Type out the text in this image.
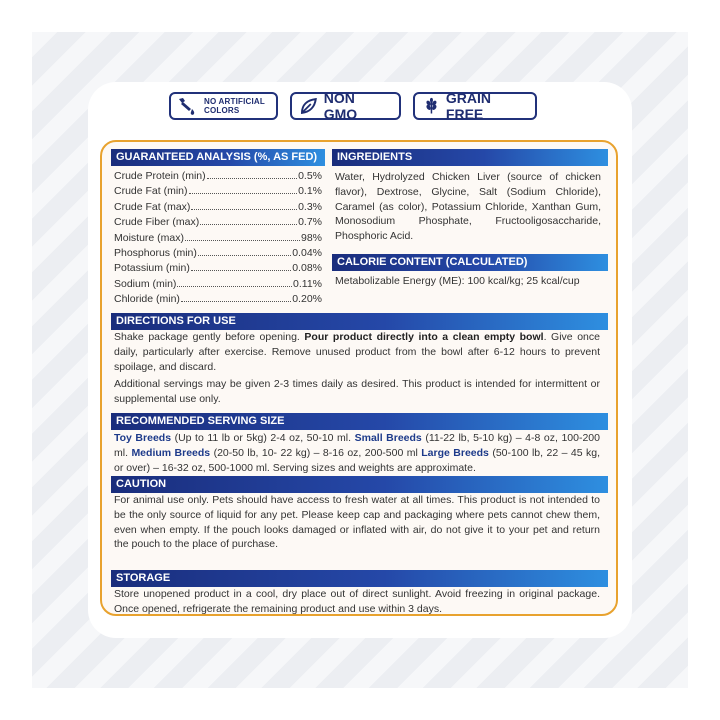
NO ARTIFICIAL
COLORS
NON GMO
GRAIN FREE
GUARANTEED ANALYSIS (%, AS FED)
Crude Protein (min)	0.5%
Crude Fat (min)	0.1%
Crude Fat (max)	0.3%
Crude Fiber (max)	0.7%
Moisture (max)	98%
Phosphorus (min)	0.04%
Potassium (min)	0.08%
Sodium (min)	0.11%
Chloride (min)	0.20%
INGREDIENTS

Water, Hydrolyzed Chicken Liver (source of chicken flavor), Dextrose, Glycine, Salt (Sodium Chloride), Caramel (as color), Potassium Chloride, Xanthan Gum, Monosodium Phosphate, Fructooligosaccharide, Phosphoric Acid.

CALORIE CONTENT (CALCULATED)

Metabolizable Energy (ME): 100 kcal/kg; 25 kcal/cup

DIRECTIONS FOR USE

Shake package gently before opening. Pour product directly into a clean empty bowl. Give once daily, particularly after exercise. Remove unused product from the bowl after 6-12 hours to prevent spoilage, and discard.

Additional servings may be given 2-3 times daily as desired. This product is intended for intermittent or supplemental use only.

RECOMMENDED SERVING SIZE

Toy Breeds (Up to 11 lb or 5kg) 2-4 oz, 50-10 ml. Small Breeds (11-22 lb, 5-10 kg) – 4-8 oz, 100-200 ml. Medium Breeds (20-50 lb, 10- 22 kg) – 8-16 oz, 200-500 ml Large Breeds (50-100 lb, 22 – 45 kg, or over) – 16-32 oz, 500-1000 ml. Serving sizes and weights are approximate.

CAUTION

For animal use only. Pets should have access to fresh water at all times. This product is not intended to be the only source of liquid for any pet. Please keep cap and packaging where pets cannot chew them, even when empty. If the pouch looks damaged or inflated with air, do not give it to your pet and return the pouch to the place of purchase.

STORAGE

Store unopened product in a cool, dry place out of direct sunlight. Avoid freezing in original package. Once opened, refrigerate the remaining product and use within 3 days.
